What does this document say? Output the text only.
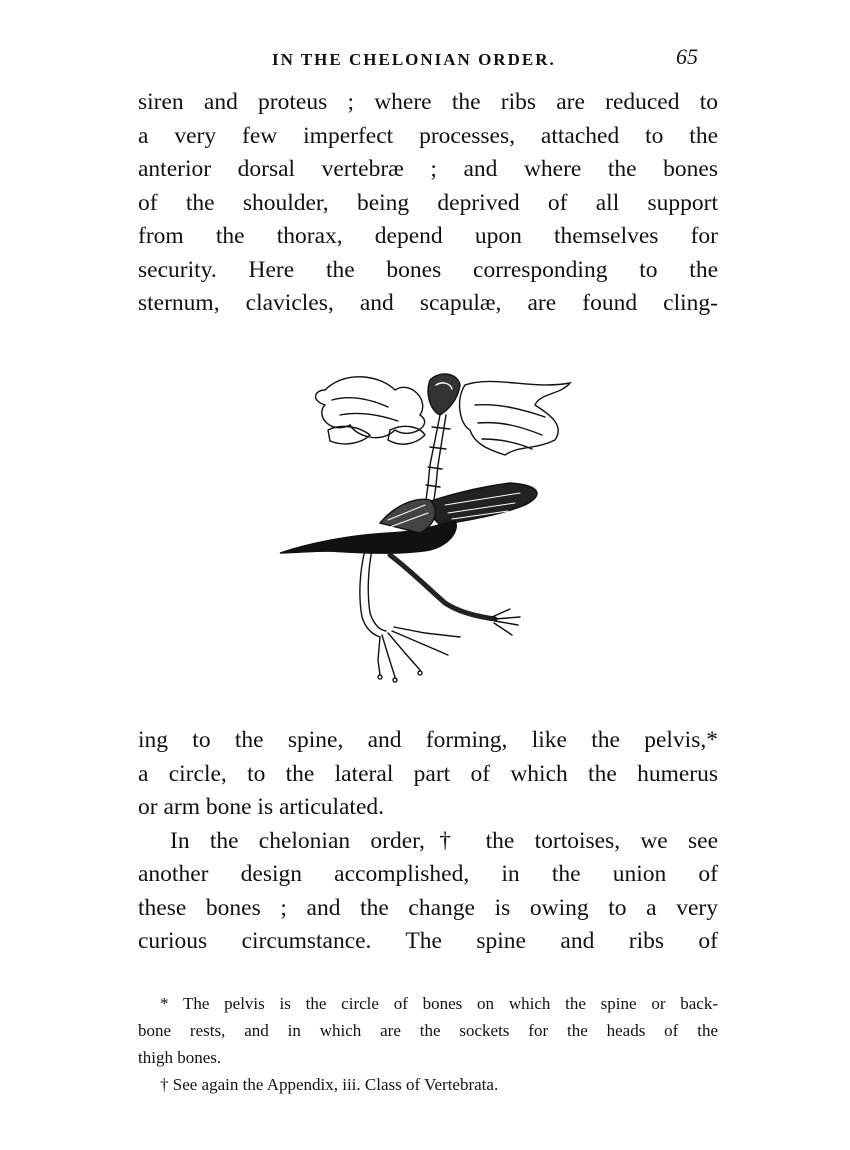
IN THE CHELONIAN ORDER.	65
siren and proteus ; where the ribs are reduced to
a very few imperfect processes, attached to the
anterior dorsal vertebræ ; and where the bones
of the shoulder, being deprived of all support
from the thorax, depend upon themselves for
security. Here the bones corresponding to the
sternum, clavicles, and scapulæ, are found cling-
ing to the spine, and forming, like the pelvis,*
a circle, to the lateral part of which the humerus
or arm bone is articulated.
In the chelonian order,† the tortoises, we see
another design accomplished, in the union of
these bones ; and the change is owing to a very
curious circumstance. The spine and ribs of
* The pelvis is the circle of bones on which the spine or back-
bone rests, and in which are the sockets for the heads of the
thigh bones.
† See again the Appendix, iii. Class of Vertebrata.
